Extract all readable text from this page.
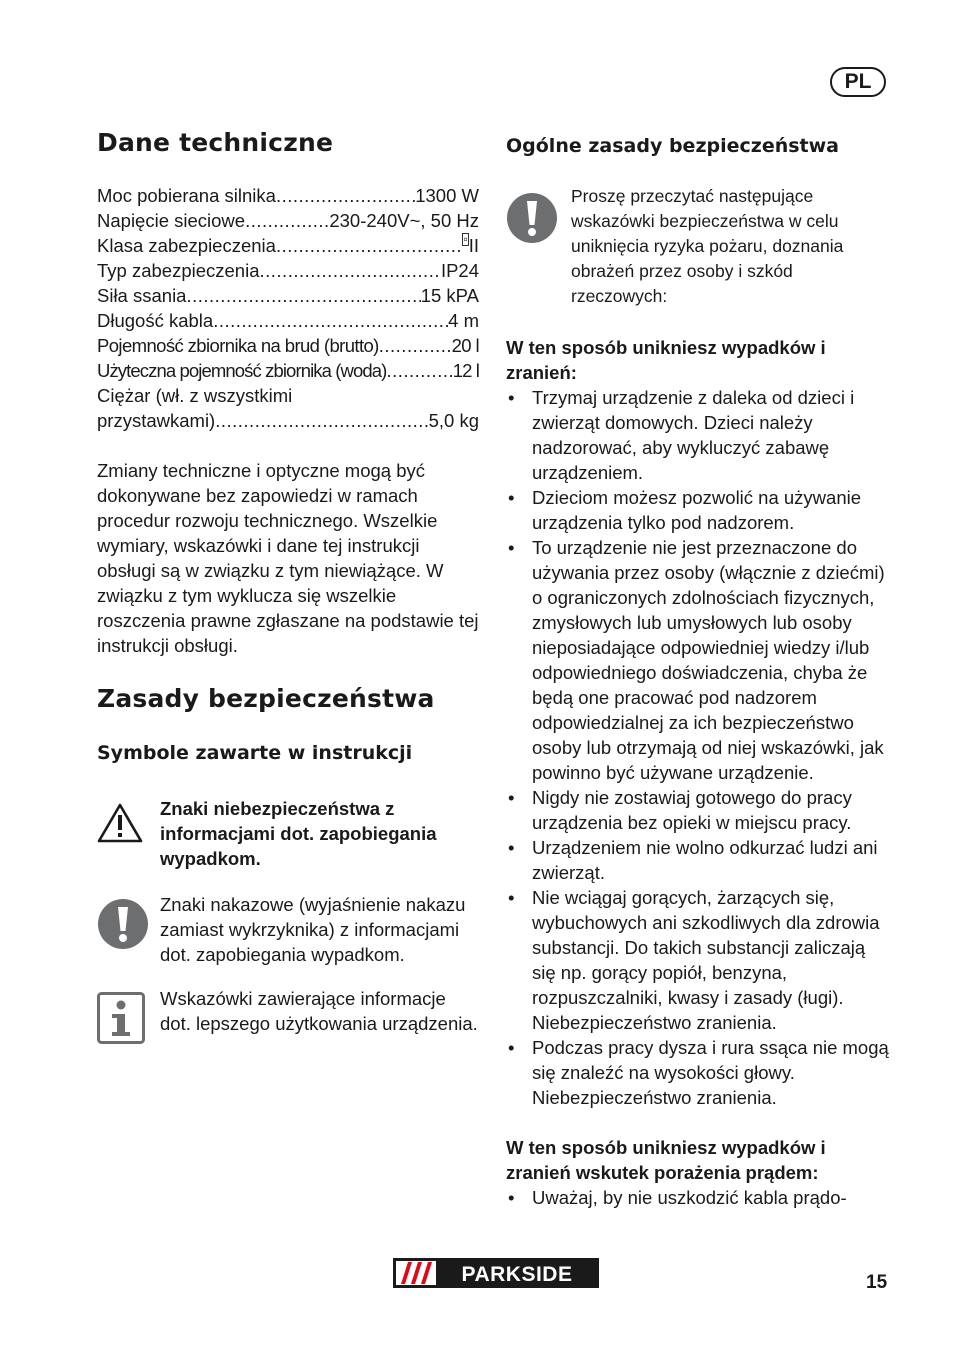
PL
Dane techniczne
Moc pobierana silnika .....	1300 W
Napięcie sieciowe .....	230-240V~, 50 Hz
Klasa zabezpieczenia .....	▫ II
Typ zabezpieczenia .....	IP24
Siła ssania .....	15 kPA
Długość kabla .....	4 m
Pojemność zbiornika na brud (brutto) .....	20 l
Użyteczna pojemność zbiornika (woda) .....	12 l
Ciężar (wł. z wszystkimi
przystawkami) .....	5,0 kg

Zmiany techniczne i optyczne mogą być dokonywane bez zapowiedzi w ramach procedur rozwoju technicznego. Wszelkie wymiary, wskazówki i dane tej instrukcji obsługi są w związku z tym niewiążące. W związku z tym wyklucza się wszelkie roszczenia prawne zgłaszane na podstawie tej instrukcji obsługi.

Zasady bezpieczeństwa
Symbole zawarte w instrukcji
Znaki niebezpieczeństwa z informacjami dot. zapobiegania wypadkom.
Znaki nakazowe (wyjaśnienie nakazu zamiast wykrzyknika) z informacjami dot. zapobiegania wypadkom.
Wskazówki zawierające informacje dot. lepszego użytkowania urządzenia.
Ogólne zasady bezpieczeństwa
Proszę przeczytać następujące wskazówki bezpieczeństwa w celu uniknięcia ryzyka pożaru, doznania obrażeń przez osoby i szkód rzeczowych:
W ten sposób unikniesz wypadków i zranień:
• Trzymaj urządzenie z daleka od dzieci i zwierząt domowych. Dzieci należy nadzorować, aby wykluczyć zabawę urządzeniem.
• Dzieciom możesz pozwolić na używanie urządzenia tylko pod nadzorem.
• To urządzenie nie jest przeznaczone do używania przez osoby (włącznie z dziećmi) o ograniczonych zdolnościach fizycznych, zmysłowych lub umysłowych lub osoby nieposiadające odpowiedniej wiedzy i/lub odpowiedniego doświadczenia, chyba że będą one pracować pod nadzorem odpowiedzialnej za ich bezpieczeństwo osoby lub otrzymają od niej wskazówki, jak powinno być używane urządzenie.
• Nigdy nie zostawiaj gotowego do pracy urządzenia bez opieki w miejscu pracy.
• Urządzeniem nie wolno odkurzać ludzi ani zwierząt.
• Nie wciągaj gorących, żarzących się, wybuchowych ani szkodliwych dla zdrowia substancji. Do takich substancji zaliczają się np. gorący popiół, benzyna, rozpuszczalniki, kwasy i zasady (ługi). Niebezpieczeństwo zranienia.
• Podczas pracy dysza i rura ssąca nie mogą się znaleźć na wysokości głowy. Niebezpieczeństwo zranienia.
W ten sposób unikniesz wypadków i zranień wskutek porażenia prądem:
• Uważaj, by nie uszkodzić kabla prądo-
PARKSIDE	15
